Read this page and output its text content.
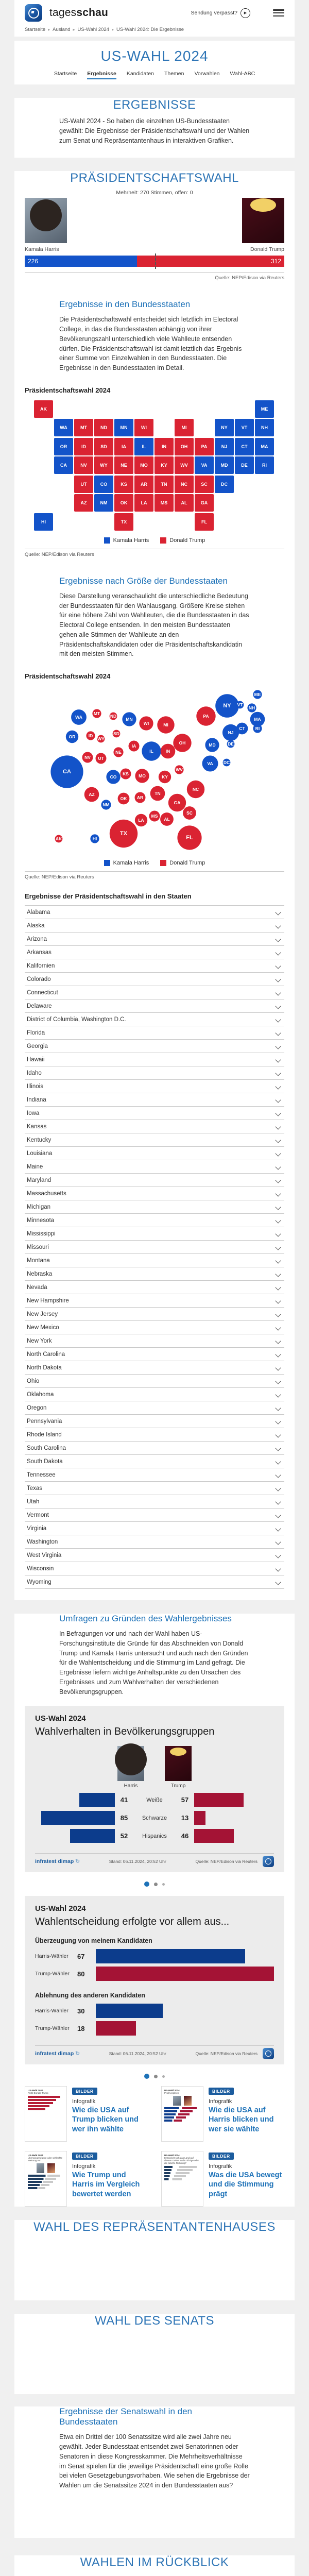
tagesschau	Sendung verpasst?	▶
Startseite ▸ Ausland ▸ US-Wahl 2024 ▸ US-Wahl 2024: Die Ergebnisse
US-WAHL 2024
Startseite Ergebnisse Kandidaten Themen Vorwahlen Wahl-ABC
ERGEBNISSE

US-Wahl 2024 - So haben die einzelnen US-Bundesstaaten gewählt: Die Ergebnisse der Präsidentschaftswahl und der Wahlen zum Senat und Repräsentantenhaus in interaktiven Grafiken.

PRÄSIDENTSCHAFTSWAHL
Mehrheit: 270 Stimmen, offen: 0
Kamala Harris	Donald Trump
226	312
Quelle: NEP/Edison via Reuters
Ergebnisse in den Bundesstaaten

Die Präsidentschaftswahl entscheidet sich letztlich im Electoral College, in das die Bundesstaaten abhängig von ihrer Bevölkerungszahl unterschiedlich viele Wahlleute entsenden dürfen. Die Präsidentschaftswahl ist damit letztlich das Ergebnis einer Summe von Einzelwahlen in den Bundesstaaten. Die Ergebnisse in den Bundesstaaten im Detail.

Präsidentschaftswahl 2024
AK	ME
WA	MT	ND	MN	WI	MI	NY	VT	NH
OR	ID	SD	IA	IL	IN	OH	PA	NJ	CT	MA
CA	NV	WY	NE	MO	KY	WV	VA	MD	DE	RI
UT	CO	KS	AR	TN	NC	SC	DC
AZ	NM	OK	LA	MS	AL	GA
HI	TX	FL
Kamala Harris	Donald Trump
Quelle: NEP/Edison via Reuters
Ergebnisse nach Größe der Bundesstaaten

Diese Darstellung veranschaulicht die unterschiedliche Bedeutung der Bundesstaaten für den Wahlausgang. Größere Kreise stehen für eine höhere Zahl von Wahlleuten, die die Bundesstaaten in das Electoral College entsenden. In den meisten Bundesstaaten gehen alle Stimmen der Wahlleute an den Präsidentschaftskandidaten oder die Präsidentschaftskandidatin mit den meisten Stimmen.

Präsidentschaftswahl 2024
WA
MT ND
MN
WI	MI
PA
NY
ME
VT
NH
MA
CT RI
NJ
OR	ID
WY
SD
IA
NE	IL	IN
OH	MD	DE
CA
NV UT
CO
KS MO	KY
WV
VA DC
AZ
NM
OK AR
TN
NC
SC
GA
AL
MS
LA
TX
FL
AK	HI
Kamala Harris	Donald Trump
Quelle: NEP/Edison via Reuters
Ergebnisse der Präsidentschaftswahl in den Staaten
Alabama
Alaska
Arizona
Arkansas
Kalifornien
Colorado
Connecticut
Delaware
District of Columbia, Washington D.C.
Florida
Georgia
Hawaii
Idaho
Illinois
Indiana
Iowa
Kansas
Kentucky
Louisiana
Maine
Maryland
Massachusetts
Michigan
Minnesota
Mississippi
Missouri
Montana
Nebraska
Nevada
New Hampshire
New Jersey
New Mexico
New York
North Carolina
North Dakota
Ohio
Oklahoma
Oregon
Pennsylvania
Rhode Island
South Carolina
South Dakota
Tennessee
Texas
Utah
Vermont
Virginia
Washington
West Virginia
Wisconsin
Wyoming
Umfragen zu Gründen des Wahlergebnisses

In Befragungen vor und nach der Wahl haben US-Forschungsinstitute die Gründe für das Abschneiden von Donald Trump und Kamala Harris untersucht und auch nach den Gründen für die Wahlentscheidung und die Stimmung im Land gefragt. Die Ergebnisse liefern wichtige Anhaltspunkte zu den Ursachen des Ergebnisses und zum Wahlverhalten der verschiedenen Bevölkerungsgruppen.

US-Wahl 2024
Wahlverhalten in Bevölkerungsgruppen
Harris	Trump
41	Weiße	57
85	Schwarze	13
52	Hispanics	46
infratest dimap ↻	Stand: 06.11.2024, 20:52 Uhr	Quelle: NEP/Edison via Reuters
US-Wahl 2024
Wahlentscheidung erfolgte vor allem aus...
Überzeugung von meinem Kandidaten
Harris-Wähler	67
Trump-Wähler	80
Ablehnung des anderen Kandidaten
Harris-Wähler	30
Trump-Wähler	18
infratest dimap ↻	Stand: 06.11.2024, 20:52 Uhr	Quelle: NEP/Edison via Reuters
US-Wahl 2024
Profil Donald Trump	BILDER
Infografik
Wie die USA auf Trump blicken und wer ihn wählte
US-Wahl 2024
Profilvergleich	BILDER
Infografik
Wie die USA auf Harris blicken und wer sie wählte
US-Wahl 2024
Überwiegend gute oder schlechte Meinung von...
BILDER
Infografik
Wie Trump und Harris im Vergleich bewertet werden
US-Wahl 2024
Entwickelt sich das Land auf diesem Gebiet in die richtige oder die falsche Richtung?
BILDER
Infografik
Was die USA bewegt und die Stimmung prägt
WAHL DES REPRÄSENTANTENHAUSES
WAHL DES SENATS
Ergebnisse der Senatswahl in den Bundesstaaten

Etwa ein Drittel der 100 Senatssitze wird alle zwei Jahre neu gewählt. Jeder Bundesstaat entsendet zwei Senatorinnen oder Senatoren in diese Kongresskammer. Die Mehrheitsverhältnisse im Senat spielen für die jeweilige Präsidentschaft eine große Rolle bei vielen Gesetzgebungsvorhaben. Wie sehen die Ergebnisse der Wahlen um die Senatssitze 2024 in den Bundesstaaten aus?

WAHLEN IM RÜCKBLICK
